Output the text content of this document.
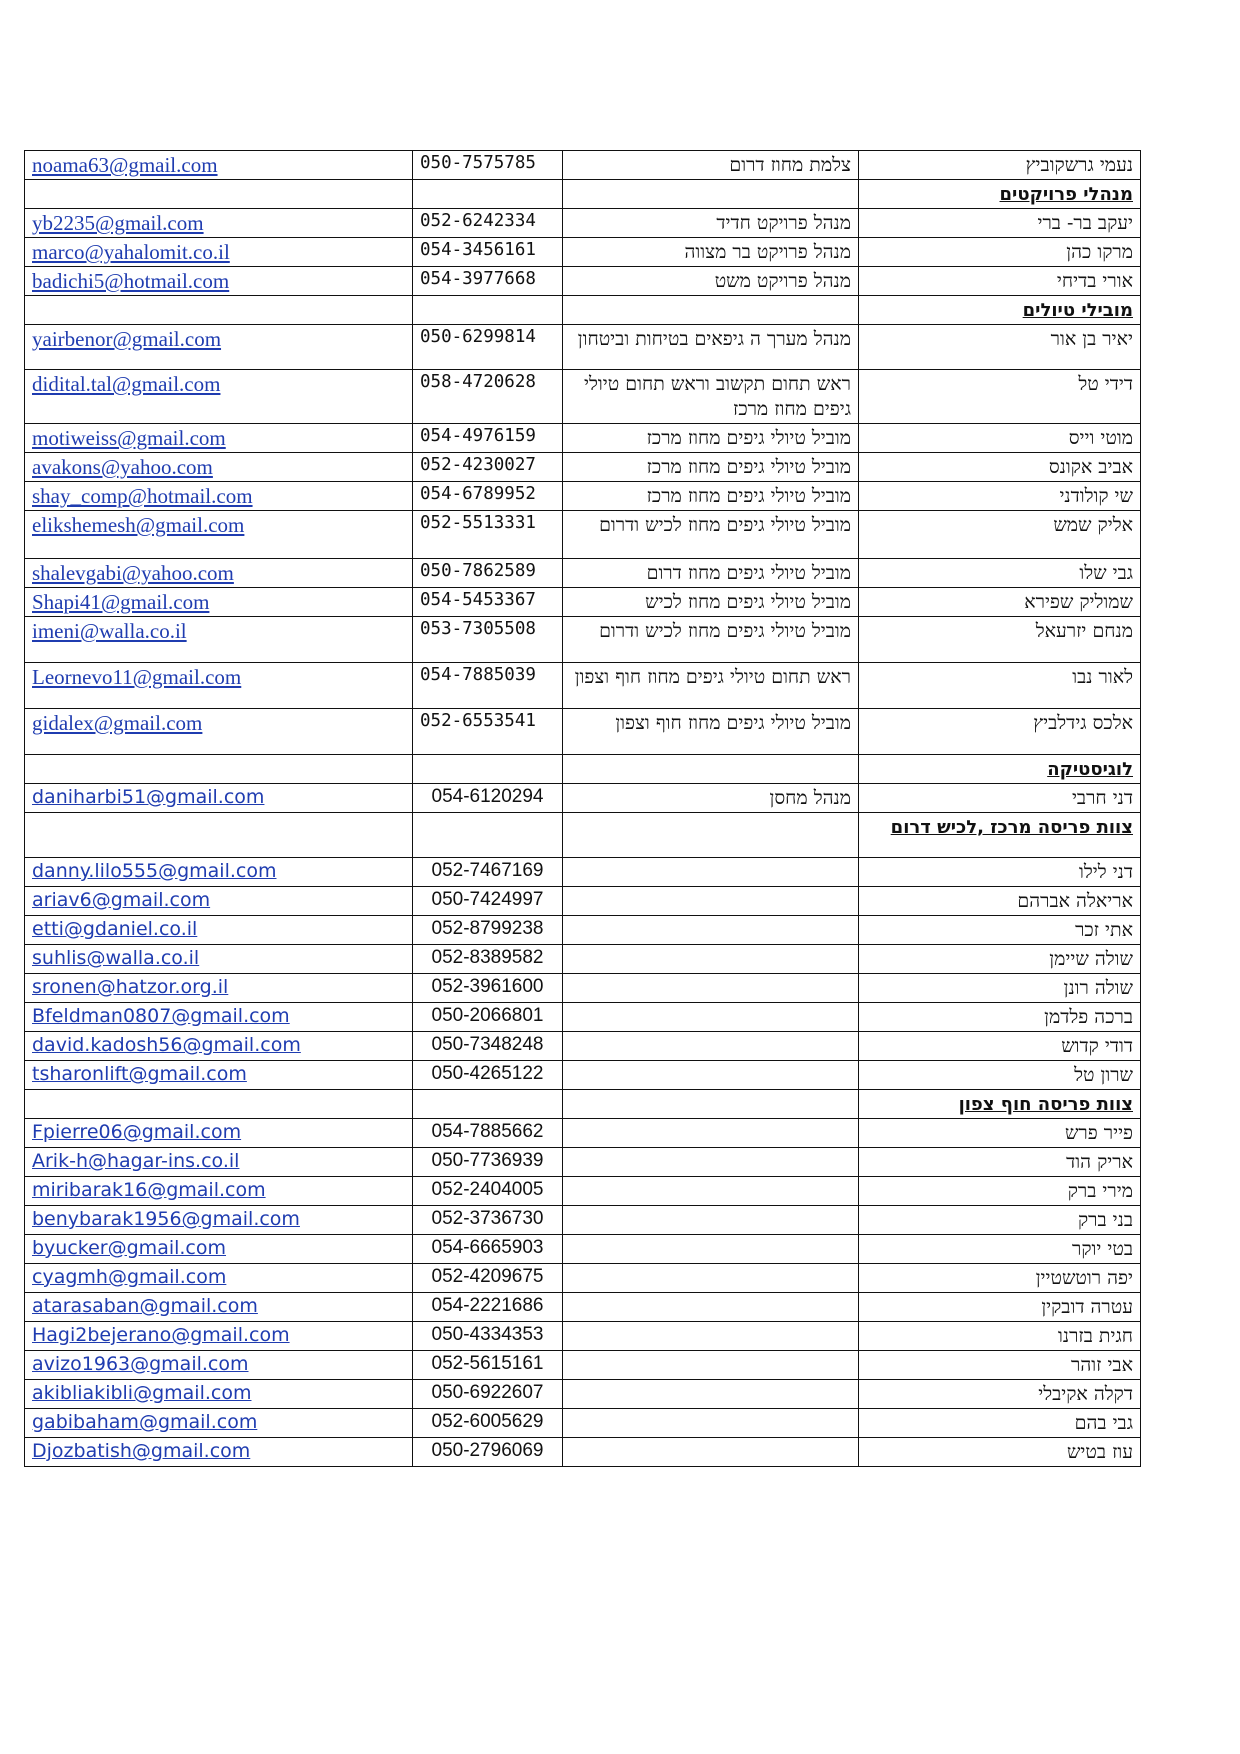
noama63@gmail.com	050-7575785	צלמת מחוז דרום	נעמי גרשקוביץ
			מנהלי פרויקטים
yb2235@gmail.com	052-6242334	מנהל פרויקט חדיד	יעקב בר- ברי
marco@yahalomit.co.il	054-3456161	מנהל פרויקט בר מצווה	מרקו כהן
badichi5@hotmail.com	054-3977668	מנהל פרויקט משט	אורי בדיחי
			מובילי טיולים
yairbenor@gmail.com	050-6299814	מנהל מערך ה גיפאים בטיחות וביטחון	יאיר בן אור
didital.tal@gmail.com	058-4720628	ראש תחום תקשוב וראש תחום טיולי גיפים מחוז מרכז	דידי טל
motiweiss@gmail.com	054-4976159	מוביל טיולי גיפים מחוז מרכז	מוטי וייס
avakons@yahoo.com	052-4230027	מוביל טיולי גיפים מחוז מרכז	אביב אקונס
shay_comp@hotmail.com	054-6789952	מוביל טיולי גיפים מחוז מרכז	שי קולודני
elikshemesh@gmail.com	052-5513331	מוביל טיולי גיפים מחוז לכיש ודרום	אליק שמש
shalevgabi@yahoo.com	050-7862589	מוביל טיולי גיפים מחוז דרום	גבי שלו
Shapi41@gmail.com	054-5453367	מוביל טיולי גיפים מחוז לכיש	שמוליק שפירא
imeni@walla.co.il	053-7305508	מוביל טיולי גיפים מחוז לכיש ודרום	מנחם יזרעאל
Leornevo11@gmail.com	054-7885039	ראש תחום טיולי גיפים מחוז חוף וצפון	לאור נבו
gidalex@gmail.com	052-6553541	מוביל טיולי גיפים מחוז חוף וצפון	אלכס גידלביץ
			לוגיסטיקה
daniharbi51@gmail.com	054-6120294	מנהל מחסן	דני חרבי
			צוות פריסה מרכז ,לכיש דרום
danny.lilo555@gmail.com	052-7467169		דני לילו
ariav6@gmail.com	050-7424997		אריאלה אברהם
etti@gdaniel.co.il	052-8799238		אתי זכר
suhlis@walla.co.il	052-8389582		שולה שיימן
sronen@hatzor.org.il	052-3961600		שולה רונן
Bfeldman0807@gmail.com	050-2066801		ברכה פלדמן
david.kadosh56@gmail.com	050-7348248		דודי קדוש
tsharonlift@gmail.com	050-4265122		שרון טל
			צוות פריסה חוף צפון
Fpierre06@gmail.com	054-7885662		פייר פרש
Arik-h@hagar-ins.co.il	050-7736939		אריק הוד
miribarak16@gmail.com	052-2404005		מירי ברק
benybarak1956@gmail.com	052-3736730		בני ברק
byucker@gmail.com	054-6665903		בטי יוקר
cyagmh@gmail.com	052-4209675		יפה רוטשטיין
atarasaban@gmail.com	054-2221686		עטרה דובקין
Hagi2bejerano@gmail.com	050-4334353		חגית בזרנו
avizo1963@gmail.com	052-5615161		אבי זוהר
akibliakibli@gmail.com	050-6922607		דקלה אקיבלי
gabibaham@gmail.com	052-6005629		גבי בהם
Djozbatish@gmail.com	050-2796069		עוז בטיש
